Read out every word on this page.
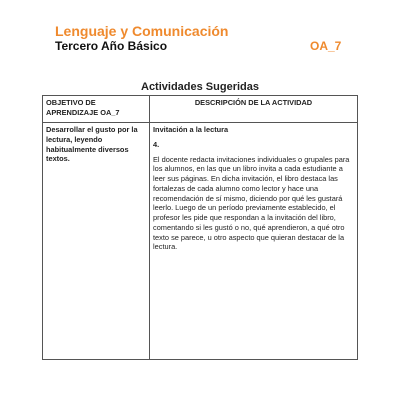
Lenguaje y Comunicación
Tercero Año Básico	OA_7
Actividades Sugeridas
OBJETIVO DE APRENDIZAJE OA_7	DESCRIPCIÓN DE LA ACTIVIDAD
Desarrollar el gusto por la lectura, leyendo habitualmente diversos textos.	Invitación a la lectura
4.
El docente redacta invitaciones individuales o grupales para los alumnos, en las que un libro invita a cada estudiante a leer sus páginas. En dicha invitación, el libro destaca las fortalezas de cada alumno como lector y hace una recomendación de sí mismo, diciendo por qué les gustará leerlo. Luego de un período previamente establecido, el profesor les pide que respondan a la invitación del libro, comentando si les gustó o no, qué aprendieron, a qué otro texto se parece, u otro aspecto que quieran destacar de la lectura.
